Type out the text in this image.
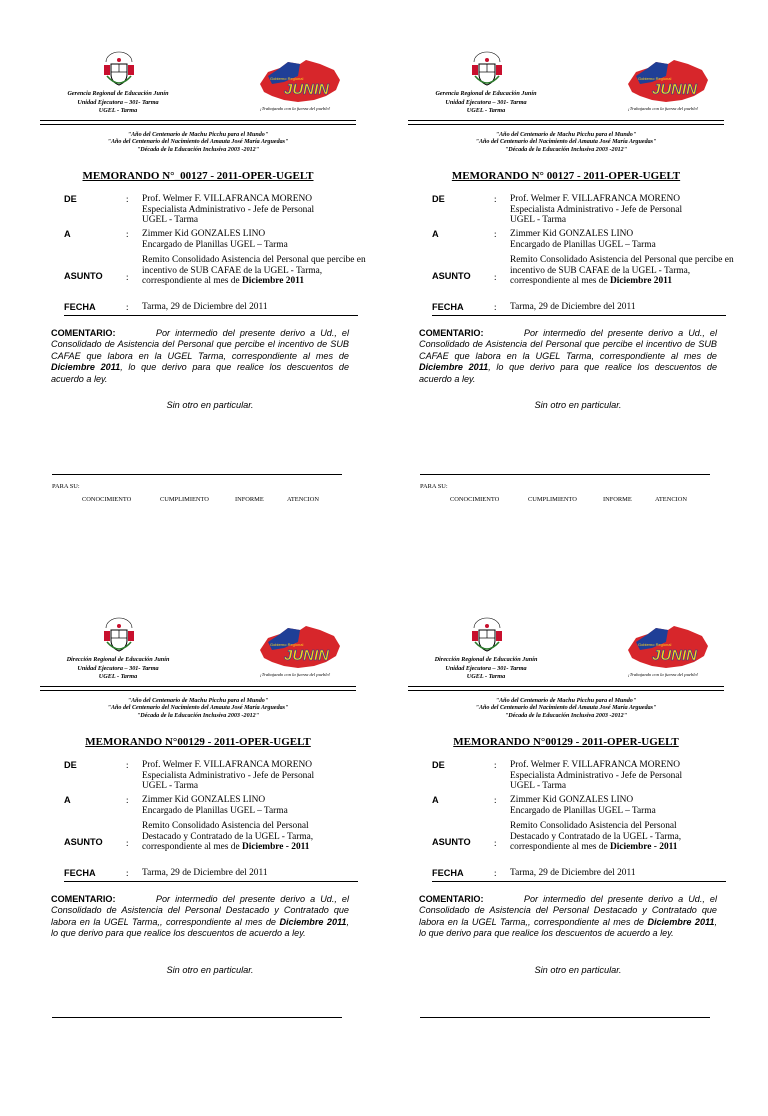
Gerencia Regional de Educación Junín
Unidad Ejecutora – 301- Tarma
UGEL - Tarma
JUNIN
Gobierno Regional
¡Trabajando con la fuerza del pueblo!
"Año del Centenario de Machu Picchu para el Mundo"
"Año del Centenario del Nacimiento del Amauta José María Arguedas"
"Década de la Educación Inclusiva 2003 -2012"
MEMORANDO N°_00127 - 2011-OPER-UGELT
DE	: Prof. Welmer F. VILLAFRANCA MORENO
Especialista Administrativo - Jefe de Personal
UGEL - Tarma
A	: Zimmer Kid GONZALES LINO
Encargado de Planillas UGEL – Tarma
ASUNTO	:
Remito Consolidado Asistencia del Personal que percibe en incentivo de SUB CAFAE de la UGEL - Tarma, correspondiente al mes de Diciembre 2011
FECHA	: Tarma, 29 de Diciembre del 2011
COMENTARIO:	Por intermedio del presente derivo a Ud., el Consolidado de Asistencia del Personal que percibe el incentivo de SUB CAFAE que labora en la UGEL Tarma, correspondiente al mes de Diciembre 2011, lo que derivo para que realice los descuentos de acuerdo a ley.
Sin otro en particular.
PARA SU:
CONOCIMIENTO	CUMPLIMIENTO	INFORME	ATENCION
Gerencia Regional de Educación Junín
Unidad Ejecutora – 301- Tarma
UGEL - Tarma
JUNIN
Gobierno Regional
¡Trabajando con la fuerza del pueblo!
"Año del Centenario de Machu Picchu para el Mundo"
"Año del Centenario del Nacimiento del Amauta José María Arguedas"
"Década de la Educación Inclusiva 2003 -2012"
MEMORANDO N° 00127 - 2011-OPER-UGELT
DE	: Prof. Welmer F. VILLAFRANCA MORENO
Especialista Administrativo - Jefe de Personal
UGEL - Tarma
A	: Zimmer Kid GONZALES LINO
Encargado de Planillas UGEL – Tarma
ASUNTO	:
Remito Consolidado Asistencia del Personal que percibe en incentivo de SUB CAFAE de la UGEL - Tarma, correspondiente al mes de Diciembre 2011
FECHA	: Tarma, 29 de Diciembre del 2011
COMENTARIO:	Por intermedio del presente derivo a Ud., el Consolidado de Asistencia del Personal que percibe el incentivo de SUB CAFAE que labora en la UGEL Tarma, correspondiente al mes de Diciembre 2011, lo que derivo para que realice los descuentos de acuerdo a ley.
Sin otro en particular.
PARA SU:
CONOCIMIENTO	CUMPLIMIENTO	INFORME	ATENCION
Dirección Regional de Educación Junín
Unidad Ejecutora – 301- Tarma
UGEL - Tarma
JUNIN
Gobierno Regional
¡Trabajando con la fuerza del pueblo!
"Año del Centenario de Machu Picchu para el Mundo"
"Año del Centenario del Nacimiento del Amauta José María Arguedas"
"Década de la Educación Inclusiva 2003 -2012"
MEMORANDO N°00129 - 2011-OPER-UGELT
DE	: Prof. Welmer F. VILLAFRANCA MORENO
Especialista Administrativo - Jefe de Personal
UGEL - Tarma
A	: Zimmer Kid GONZALES LINO
Encargado de Planillas UGEL – Tarma
ASUNTO	:
Remito Consolidado Asistencia del Personal Destacado y Contratado de la UGEL - Tarma, correspondiente al mes de Diciembre - 2011
FECHA	: Tarma, 29 de Diciembre del 2011
COMENTARIO:	Por intermedio del presente derivo a Ud., el Consolidado de Asistencia del Personal Destacado y Contratado que labora en la UGEL Tarma,, correspondiente al mes de Diciembre 2011, lo que derivo para que realice los descuentos de acuerdo a ley.
Sin otro en particular.
Dirección Regional de Educación Junín
Unidad Ejecutora – 301- Tarma
UGEL - Tarma
JUNIN
Gobierno Regional
¡Trabajando con la fuerza del pueblo!
"Año del Centenario de Machu Picchu para el Mundo"
"Año del Centenario del Nacimiento del Amauta José María Arguedas"
"Década de la Educación Inclusiva 2003 -2012"
MEMORANDO N°00129 - 2011-OPER-UGELT
DE	: Prof. Welmer F. VILLAFRANCA MORENO
Especialista Administrativo - Jefe de Personal
UGEL - Tarma
A	: Zimmer Kid GONZALES LINO
Encargado de Planillas UGEL – Tarma
ASUNTO	:
Remito Consolidado Asistencia del Personal Destacado y Contratado de la UGEL - Tarma, correspondiente al mes de Diciembre - 2011
FECHA	: Tarma, 29 de Diciembre del 2011
COMENTARIO:	Por intermedio del presente derivo a Ud., el Consolidado de Asistencia del Personal Destacado y Contratado que labora en la UGEL Tarma,, correspondiente al mes de Diciembre 2011, lo que derivo para que realice los descuentos de acuerdo a ley.
Sin otro en particular.
